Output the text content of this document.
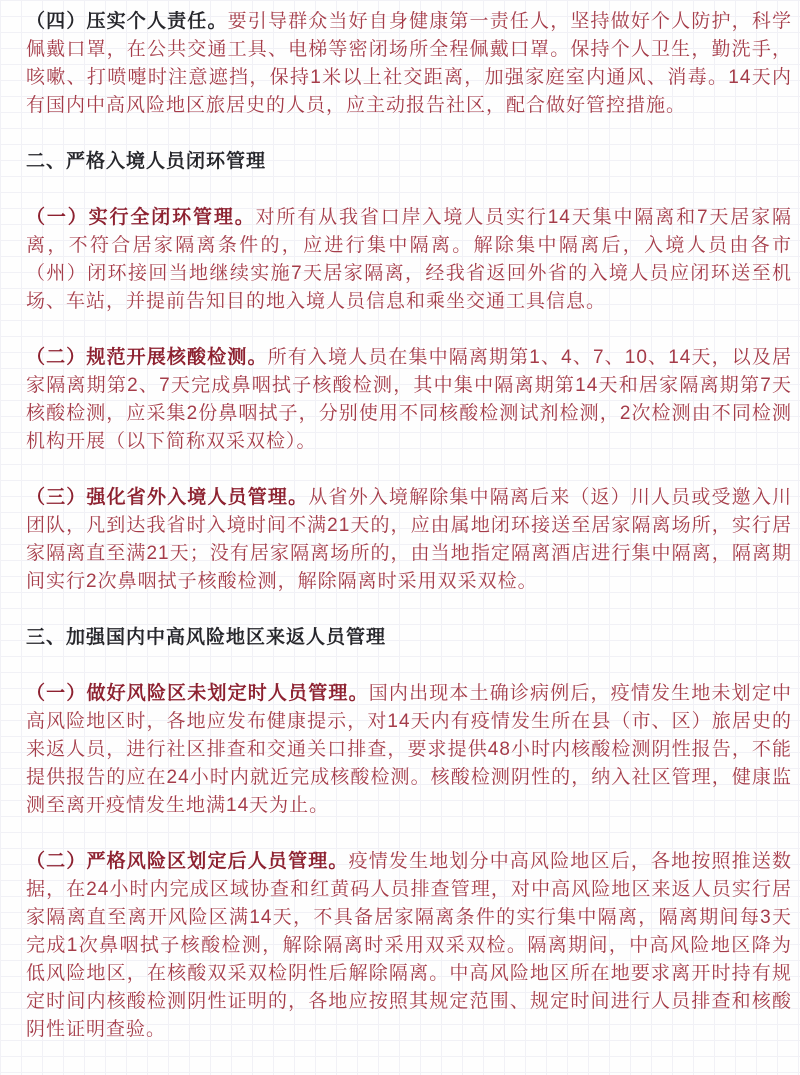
（四）压实个人责任。要引导群众当好自身健康第一责任人，坚持做好个人防护，科学佩戴口罩，在公共交通工具、电梯等密闭场所全程佩戴口罩。保持个人卫生，勤洗手，咳嗽、打喷嚏时注意遮挡，保持1米以上社交距离，加强家庭室内通风、消毒。14天内有国内中高风险地区旅居史的人员，应主动报告社区，配合做好管控措施。

二、严格入境人员闭环管理

（一）实行全闭环管理。对所有从我省口岸入境人员实行14天集中隔离和7天居家隔离，不符合居家隔离条件的，应进行集中隔离。解除集中隔离后，入境人员由各市（州）闭环接回当地继续实施7天居家隔离，经我省返回外省的入境人员应闭环送至机场、车站，并提前告知目的地入境人员信息和乘坐交通工具信息。

（二）规范开展核酸检测。所有入境人员在集中隔离期第1、4、7、10、14天，以及居家隔离期第2、7天完成鼻咽拭子核酸检测，其中集中隔离期第14天和居家隔离期第7天核酸检测，应采集2份鼻咽拭子，分别使用不同核酸检测试剂检测，2次检测由不同检测机构开展（以下简称双采双检）。

（三）强化省外入境人员管理。从省外入境解除集中隔离后来（返）川人员或受邀入川团队，凡到达我省时入境时间不满21天的，应由属地闭环接送至居家隔离场所，实行居家隔离直至满21天；没有居家隔离场所的，由当地指定隔离酒店进行集中隔离，隔离期间实行2次鼻咽拭子核酸检测，解除隔离时采用双采双检。

三、加强国内中高风险地区来返人员管理

（一）做好风险区未划定时人员管理。国内出现本土确诊病例后，疫情发生地未划定中高风险地区时，各地应发布健康提示，对14天内有疫情发生所在县（市、区）旅居史的来返人员，进行社区排查和交通关口排查，要求提供48小时内核酸检测阴性报告，不能提供报告的应在24小时内就近完成核酸检测。核酸检测阴性的，纳入社区管理，健康监测至离开疫情发生地满14天为止。

（二）严格风险区划定后人员管理。疫情发生地划分中高风险地区后，各地按照推送数据，在24小时内完成区域协查和红黄码人员排查管理，对中高风险地区来返人员实行居家隔离直至离开风险区满14天，不具备居家隔离条件的实行集中隔离，隔离期间每3天完成1次鼻咽拭子核酸检测，解除隔离时采用双采双检。隔离期间，中高风险地区降为低风险地区，在核酸双采双检阴性后解除隔离。中高风险地区所在地要求离开时持有规定时间内核酸检测阴性证明的，各地应按照其规定范围、规定时间进行人员排查和核酸阴性证明查验。
